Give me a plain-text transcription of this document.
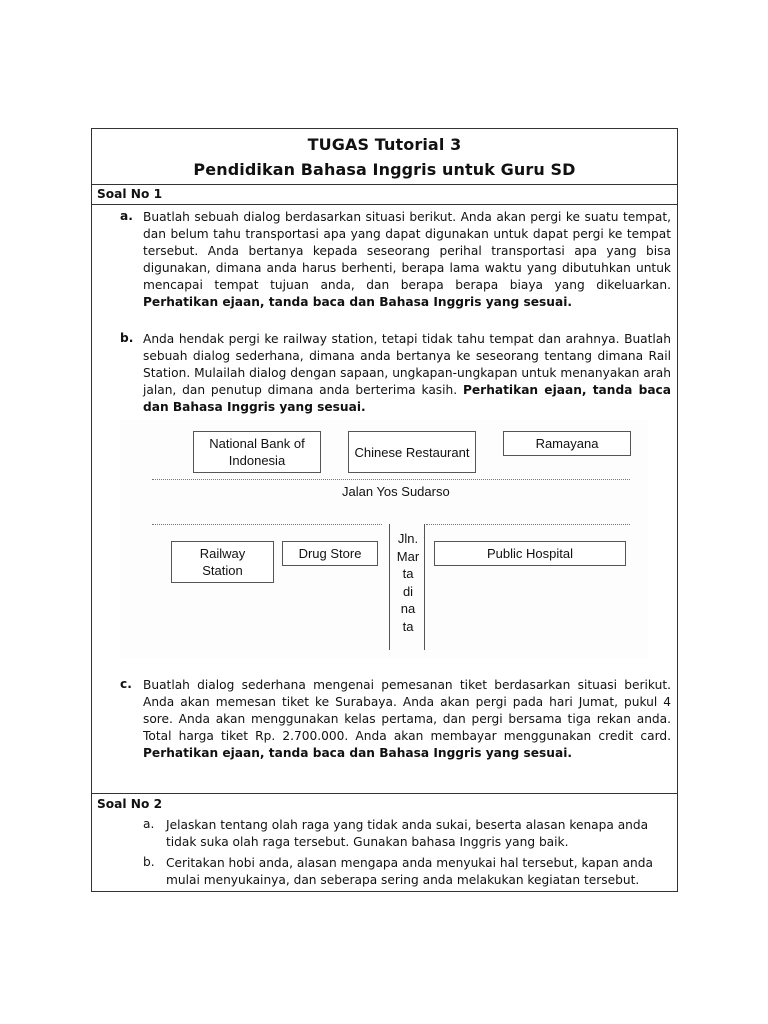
TUGAS Tutorial 3
Pendidikan Bahasa Inggris untuk Guru SD
Soal No 1
a. Buatlah sebuah dialog berdasarkan situasi berikut. Anda akan pergi ke suatu tempat, dan belum tahu transportasi apa yang dapat digunakan untuk dapat pergi ke tempat tersebut. Anda bertanya kepada seseorang perihal transportasi apa yang bisa digunakan, dimana anda harus berhenti, berapa lama waktu yang dibutuhkan untuk mencapai tempat tujuan anda, dan berapa berapa biaya yang dikeluarkan. Perhatikan ejaan, tanda baca dan Bahasa Inggris yang sesuai.
b. Anda hendak pergi ke railway station, tetapi tidak tahu tempat dan arahnya. Buatlah sebuah dialog sederhana, dimana anda bertanya ke seseorang tentang dimana Rail Station. Mulailah dialog dengan sapaan, ungkapan-ungkapan untuk menanyakan arah jalan, dan penutup dimana anda berterima kasih. Perhatikan ejaan, tanda baca dan Bahasa Inggris yang sesuai.
National Bank of Indonesia
Chinese Restaurant
Ramayana
Jalan Yos Sudarso
Jln.
Mar
ta
di
na
ta
Railway Station
Drug Store	Public Hospital
c. Buatlah dialog sederhana mengenai pemesanan tiket berdasarkan situasi berikut. Anda akan memesan tiket ke Surabaya. Anda akan pergi pada hari Jumat, pukul 4 sore. Anda akan menggunakan kelas pertama, dan pergi bersama tiga rekan anda. Total harga tiket Rp. 2.700.000. Anda akan membayar menggunakan credit card. Perhatikan ejaan, tanda baca dan Bahasa Inggris yang sesuai.
Soal No 2
a. Jelaskan tentang olah raga yang tidak anda sukai, beserta alasan kenapa anda tidak suka olah raga tersebut. Gunakan bahasa Inggris yang baik.
b. Ceritakan hobi anda, alasan mengapa anda menyukai hal tersebut, kapan anda mulai menyukainya, dan seberapa sering anda melakukan kegiatan tersebut.
